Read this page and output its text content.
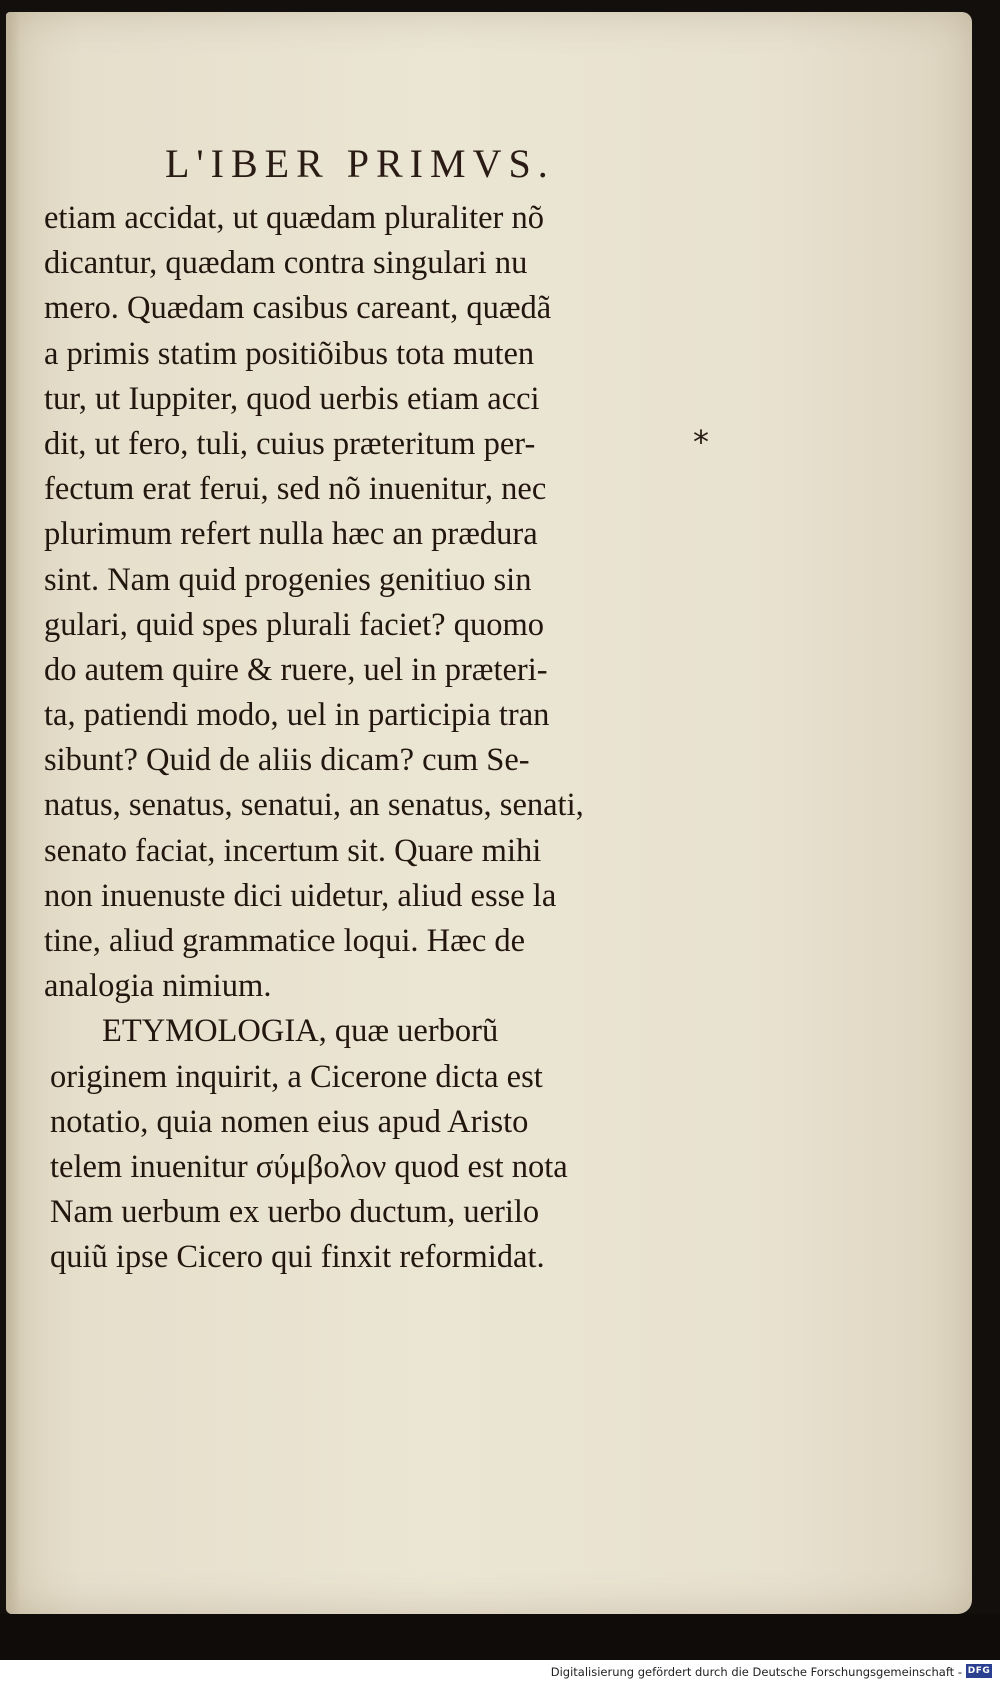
L'IBER PRIMVS.
etiam accidat, ut quædam pluraliter nõ
dicantur, quædam contra singulari nu
mero. Quædam casibus careant, quædã
a primis statim positiõibus tota muten
tur, ut Iuppiter, quod uerbis etiam acci
dit, ut fero, tuli, cuius præteritum per-
fectum erat ferui, sed nõ inuenitur, nec
plurimum refert nulla hæc an prædura
sint. Nam quid progenies genitiuo sin
gulari, quid spes plurali faciet? quomo
do autem quire & ruere, uel in præteri-
ta, patiendi modo, uel in participia tran
sibunt? Quid de aliis dicam? cum Se-
natus, senatus, senatui, an senatus, senati,
senato faciat, incertum sit. Quare mihi
non inuenuste dici uidetur, aliud esse la
tine, aliud grammatice loqui. Hæc de
analogia nimium.
ETYMOLOGIA, quæ uerborũ
originem inquirit, a Cicerone dicta est
notatio, quia nomen eius apud Aristo
telem inuenitur σύμβολον quod est nota
Nam uerbum ex uerbo ductum, uerilo
quiũ ipse Cicero qui finxit reformidat.
*
Digitalisierung gefördert durch die Deutsche Forschungsgemeinschaft - DFG
